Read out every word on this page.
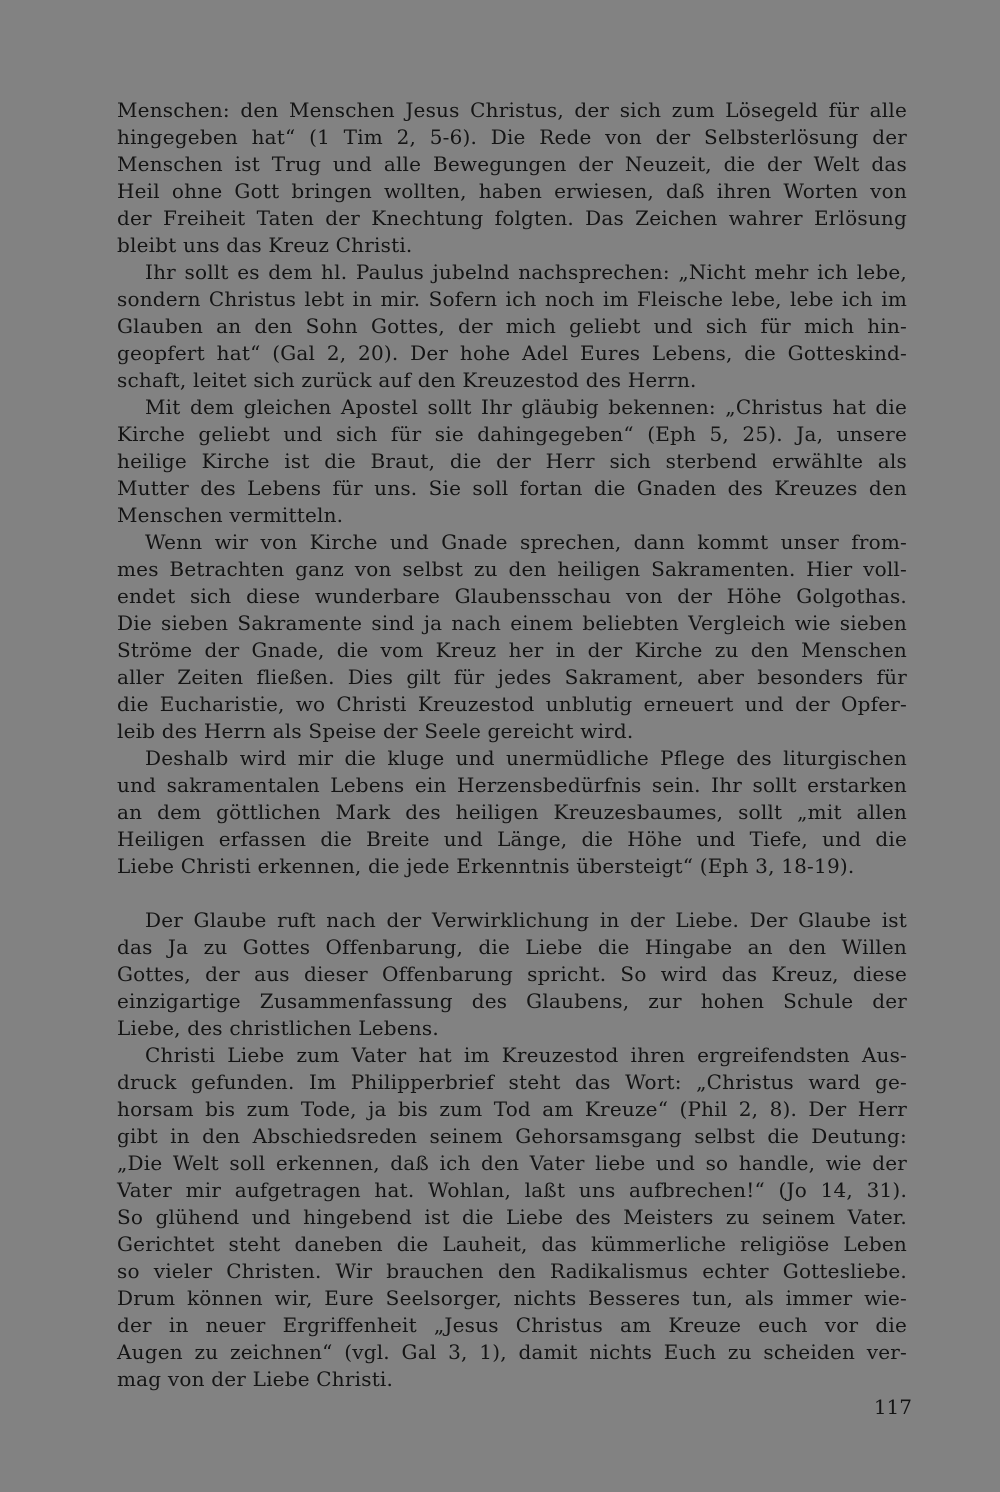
Menschen: den Menschen Jesus Christus, der sich zum Lösegeld für alle
hingegeben hat“ (1 Tim 2, 5-6). Die Rede von der Selbsterlösung der
Menschen ist Trug und alle Bewegungen der Neuzeit, die der Welt das
Heil ohne Gott bringen wollten, haben erwiesen, daß ihren Worten von
der Freiheit Taten der Knechtung folgten. Das Zeichen wahrer Erlösung
bleibt uns das Kreuz Christi.

Ihr sollt es dem hl. Paulus jubelnd nachsprechen: „Nicht mehr ich lebe,
sondern Christus lebt in mir. Sofern ich noch im Fleische lebe, lebe ich im
Glauben an den Sohn Gottes, der mich geliebt und sich für mich hin-
geopfert hat“ (Gal 2, 20). Der hohe Adel Eures Lebens, die Gotteskind-
schaft, leitet sich zurück auf den Kreuzestod des Herrn.

Mit dem gleichen Apostel sollt Ihr gläubig bekennen: „Christus hat die
Kirche geliebt und sich für sie dahingegeben“ (Eph 5, 25). Ja, unsere
heilige Kirche ist die Braut, die der Herr sich sterbend erwählte als
Mutter des Lebens für uns. Sie soll fortan die Gnaden des Kreuzes den
Menschen vermitteln.

Wenn wir von Kirche und Gnade sprechen, dann kommt unser from-
mes Betrachten ganz von selbst zu den heiligen Sakramenten. Hier voll-
endet sich diese wunderbare Glaubensschau von der Höhe Golgothas.
Die sieben Sakramente sind ja nach einem beliebten Vergleich wie sieben
Ströme der Gnade, die vom Kreuz her in der Kirche zu den Menschen
aller Zeiten fließen. Dies gilt für jedes Sakrament, aber besonders für
die Eucharistie, wo Christi Kreuzestod unblutig erneuert und der Opfer-
leib des Herrn als Speise der Seele gereicht wird.

Deshalb wird mir die kluge und unermüdliche Pflege des liturgischen
und sakramentalen Lebens ein Herzensbedürfnis sein. Ihr sollt erstarken
an dem göttlichen Mark des heiligen Kreuzesbaumes, sollt „mit allen
Heiligen erfassen die Breite und Länge, die Höhe und Tiefe, und die
Liebe Christi erkennen, die jede Erkenntnis übersteigt“ (Eph 3, 18-19).

Der Glaube ruft nach der Verwirklichung in der Liebe. Der Glaube ist
das Ja zu Gottes Offenbarung, die Liebe die Hingabe an den Willen
Gottes, der aus dieser Offenbarung spricht. So wird das Kreuz, diese
einzigartige Zusammenfassung des Glaubens, zur hohen Schule der
Liebe, des christlichen Lebens.

Christi Liebe zum Vater hat im Kreuzestod ihren ergreifendsten Aus-
druck gefunden. Im Philipperbrief steht das Wort: „Christus ward ge-
horsam bis zum Tode, ja bis zum Tod am Kreuze“ (Phil 2, 8). Der Herr
gibt in den Abschiedsreden seinem Gehorsamsgang selbst die Deutung:
„Die Welt soll erkennen, daß ich den Vater liebe und so handle, wie der
Vater mir aufgetragen hat. Wohlan, laßt uns aufbrechen!“ (Jo 14, 31).
So glühend und hingebend ist die Liebe des Meisters zu seinem Vater.
Gerichtet steht daneben die Lauheit, das kümmerliche religiöse Leben
so vieler Christen. Wir brauchen den Radikalismus echter Gottesliebe.
Drum können wir, Eure Seelsorger, nichts Besseres tun, als immer wie-
der in neuer Ergriffenheit „Jesus Christus am Kreuze euch vor die
Augen zu zeichnen“ (vgl. Gal 3, 1), damit nichts Euch zu scheiden ver-
mag von der Liebe Christi.

117
